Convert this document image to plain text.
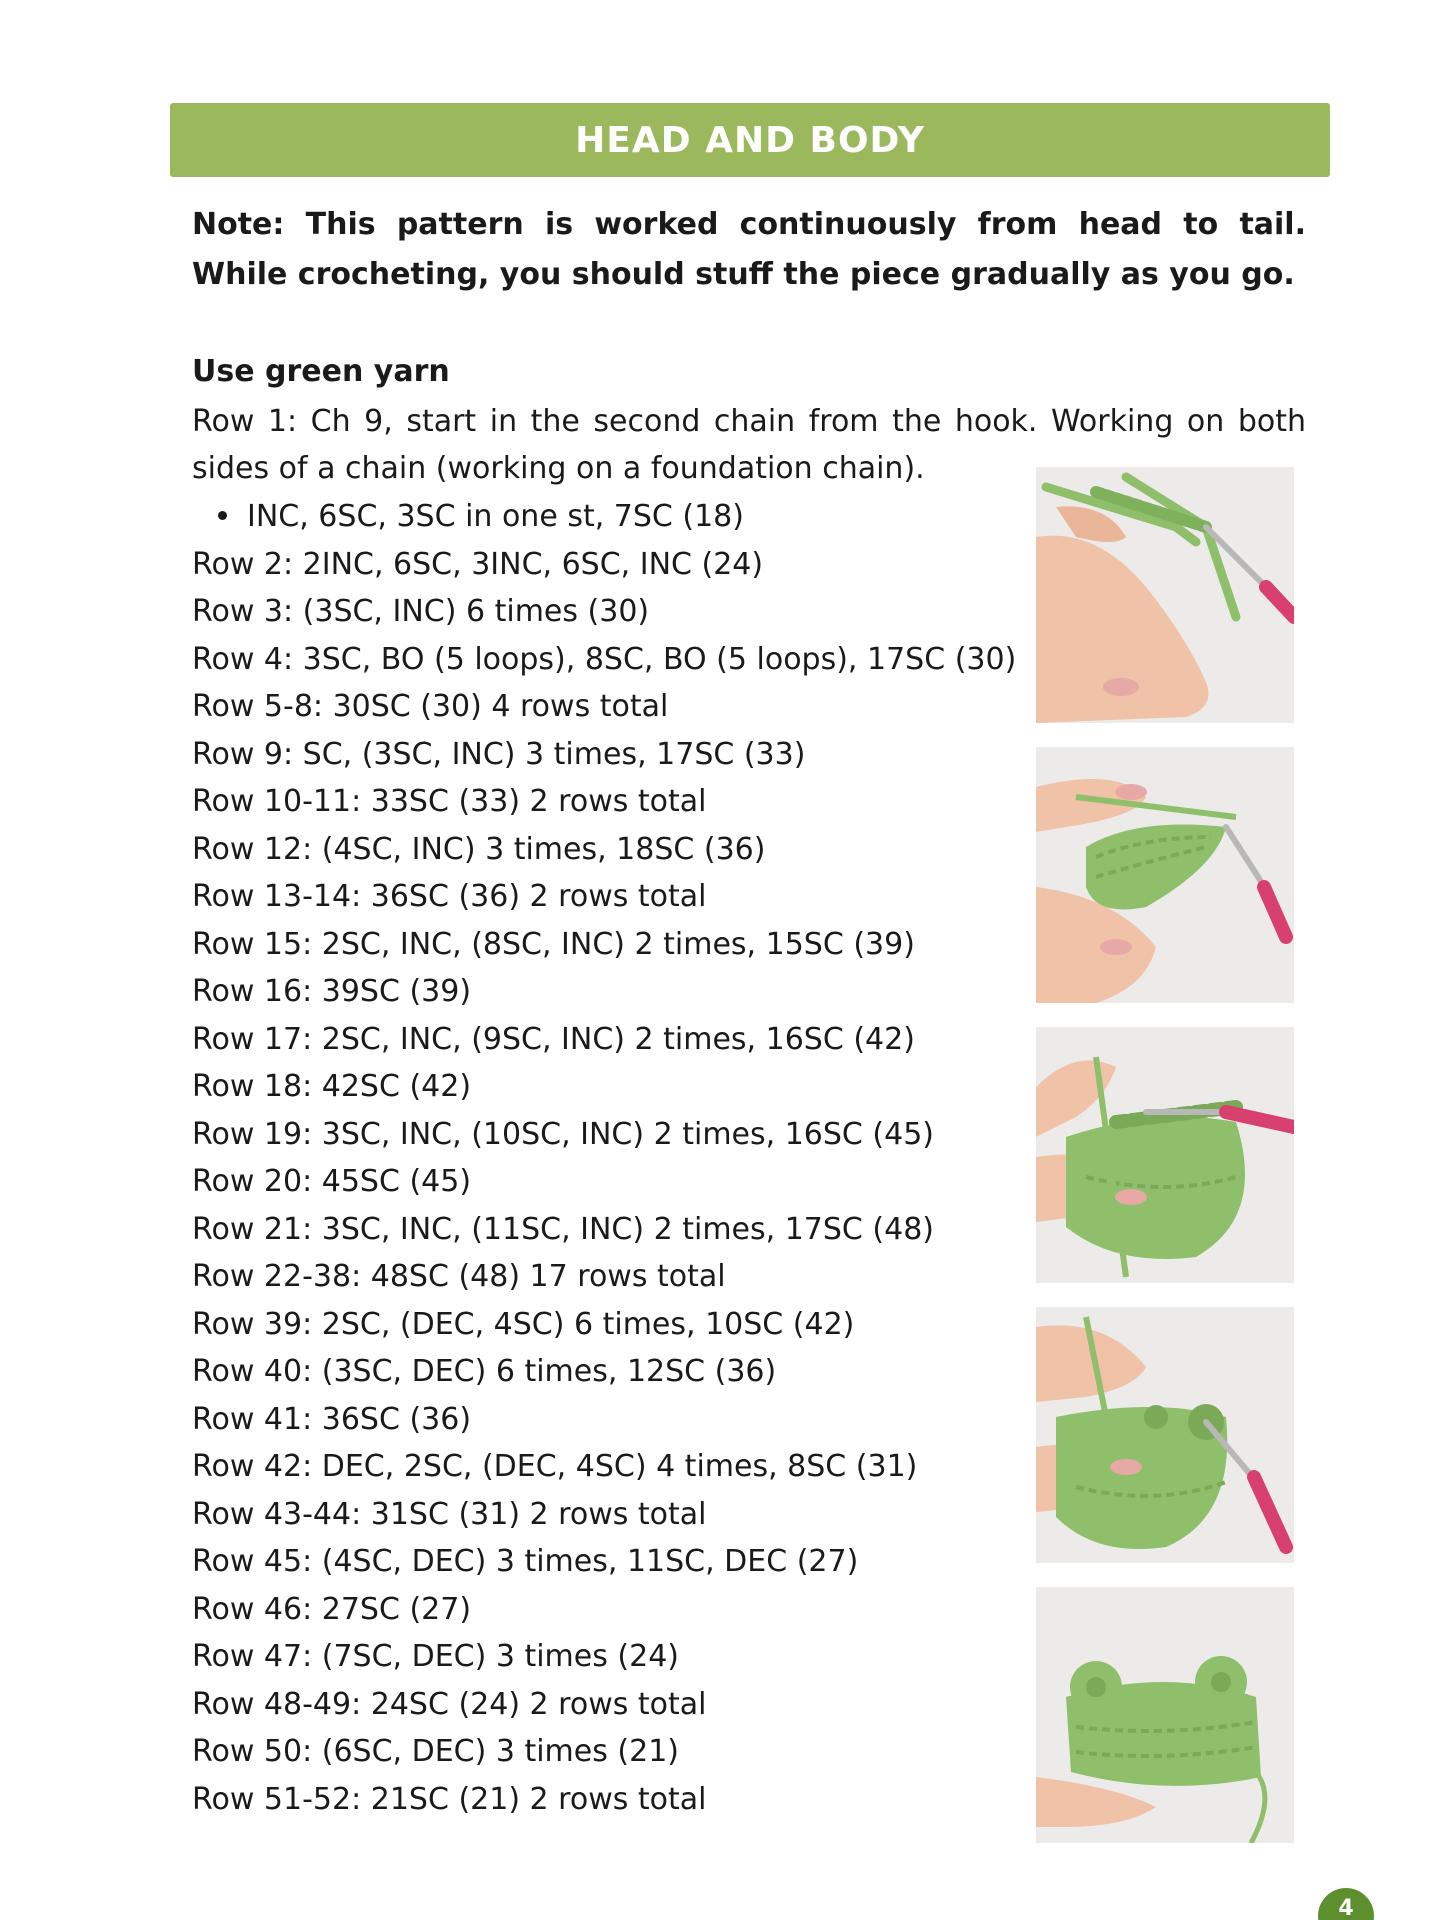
HEAD AND BODY
Note: This pattern is worked continuously from head to tail. While crocheting, you should stuff the piece gradually as you go.
Use green yarn
Row 1: Ch 9, start in the second chain from the hook. Working on both sides of a chain (working on a foundation chain).
INC, 6SC, 3SC in one st, 7SC (18)
Row 2: 2INC, 6SC, 3INC, 6SC, INC (24)
Row 3: (3SC, INC) 6 times (30)
Row 4: 3SC, BO (5 loops), 8SC, BO (5 loops), 17SC (30)
Row 5-8: 30SC (30) 4 rows total
Row 9: SC, (3SC, INC) 3 times, 17SC (33)
Row 10-11: 33SC (33) 2 rows total
Row 12: (4SC, INC) 3 times, 18SC (36)
Row 13-14: 36SC (36) 2 rows total
Row 15: 2SC, INC, (8SC, INC) 2 times, 15SC (39)
Row 16: 39SC (39)
Row 17: 2SC, INC, (9SC, INC) 2 times, 16SC (42)
Row 18: 42SC (42)
Row 19: 3SC, INC, (10SC, INC) 2 times, 16SC (45)
Row 20: 45SC (45)
Row 21: 3SC, INC, (11SC, INC) 2 times, 17SC (48)
Row 22-38: 48SC (48) 17 rows total
Row 39: 2SC, (DEC, 4SC) 6 times, 10SC (42)
Row 40: (3SC, DEC) 6 times, 12SC (36)
Row 41: 36SC (36)
Row 42: DEC, 2SC, (DEC, 4SC) 4 times, 8SC (31)
Row 43-44: 31SC (31) 2 rows total
Row 45: (4SC, DEC) 3 times, 11SC, DEC (27)
Row 46: 27SC (27)
Row 47: (7SC, DEC) 3 times (24)
Row 48-49: 24SC (24) 2 rows total
Row 50: (6SC, DEC) 3 times (21)
Row 51-52: 21SC (21) 2 rows total
4
